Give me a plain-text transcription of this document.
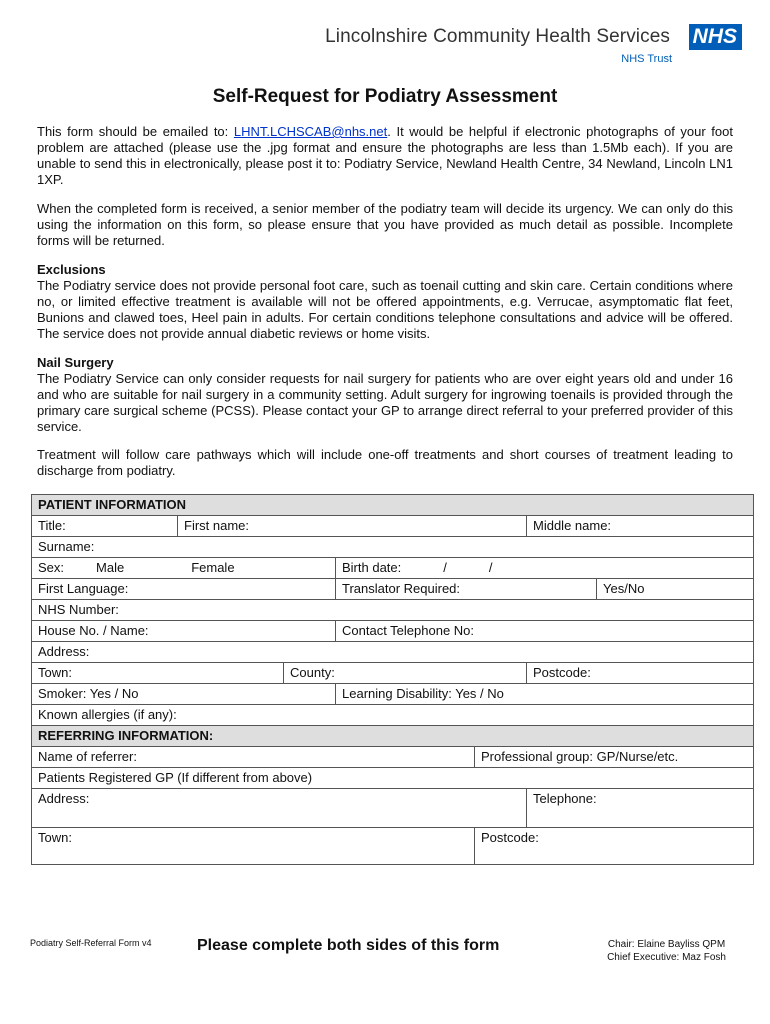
Lincolnshire Community Health Services NHS
NHS Trust
Self-Request for Podiatry Assessment

This form should be emailed to: LHNT.LCHSCAB@nhs.net. It would be helpful if electronic photographs of your foot problem are attached (please use the .jpg format and ensure the photographs are less than 1.5Mb each). If you are unable to send this in electronically, please post it to: Podiatry Service, Newland Health Centre, 34 Newland, Lincoln LN1 1XP.

When the completed form is received, a senior member of the podiatry team will decide its urgency. We can only do this using the information on this form, so please ensure that you have provided as much detail as possible. Incomplete forms will be returned.

Exclusions
The Podiatry service does not provide personal foot care, such as toenail cutting and skin care. Certain conditions where no, or limited effective treatment is available will not be offered appointments, e.g. Verrucae, asymptomatic flat feet, Bunions and clawed toes, Heel pain in adults. For certain conditions telephone consultations and advice will be offered. The service does not provide annual diabetic reviews or home visits.
Nail Surgery
The Podiatry Service can only consider requests for nail surgery for patients who are over eight years old and under 16 and who are suitable for nail surgery in a community setting. Adult surgery for ingrowing toenails is provided through the primary care surgical scheme (PCSS). Please contact your GP to arrange direct referral to your preferred provider of this service.

Treatment will follow care pathways which will include one-off treatments and short courses of treatment leading to discharge from podiatry.

PATIENT INFORMATION						
Title:	First name:				Middle name:	
Surname:						
Sex: Male Female			Birth date: / /			
First Language:			Translator Required:			Yes/No
NHS Number:						
House No. / Name:			Contact Telephone No:			
Address:						
Town:		County:			Postcode:	
Smoker: Yes / No			Learning Disability: Yes / No			
Known allergies (if any):						
REFERRING INFORMATION:						
Name of referrer:				Professional group: GP/Nurse/etc.		
Patients Registered GP (If different from above)						
Address:					Telephone:	
Town:				Postcode:		
Podiatry Self-Referral Form v4	Please complete both sides of this form	Chair: Elaine Bayliss QPM
Chief Executive: Maz Fosh
